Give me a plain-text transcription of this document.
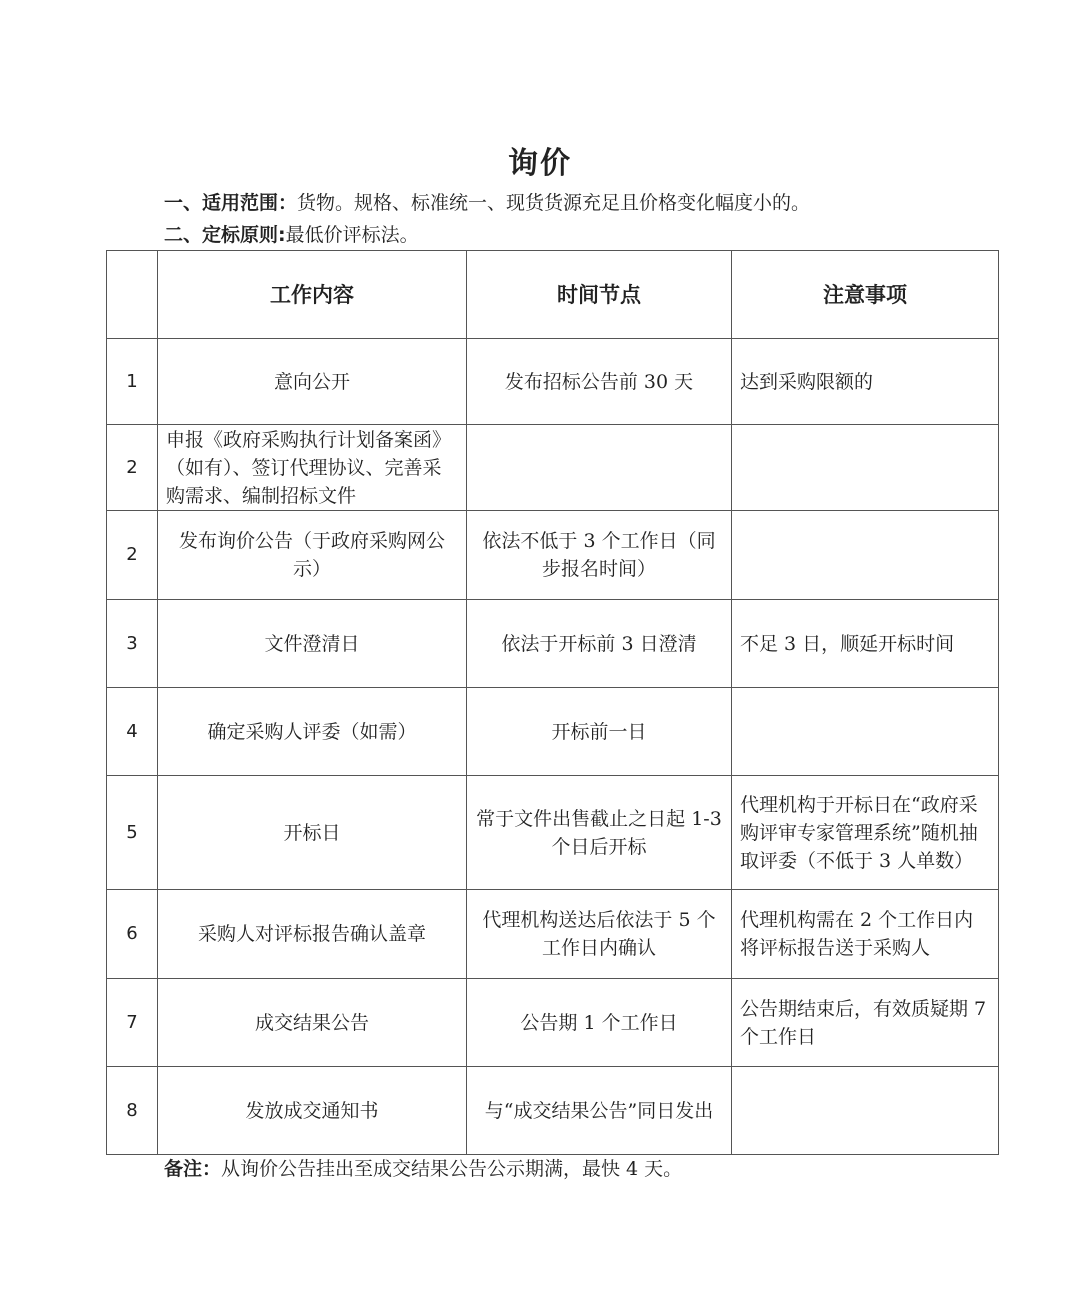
询价
一、适用范围：货物。规格、标准统一、现货货源充足且价格变化幅度小的。
二、定标原则:最低价评标法。
	工作内容	时间节点	注意事项
1	意向公开	发布招标公告前 30 天	达到采购限额的
2	申报《政府采购执行计划备案函》（如有）、签订代理协议、完善采购需求、编制招标文件		
2	发布询价公告（于政府采购网公示）	依法不低于 3 个工作日（同步报名时间）	
3	文件澄清日	依法于开标前 3 日澄清	不足 3 日，顺延开标时间
4	确定采购人评委（如需）	开标前一日	
5	开标日	常于文件出售截止之日起 1-3 个日后开标	代理机构于开标日在“政府采购评审专家管理系统”随机抽取评委（不低于 3 人单数）
6	采购人对评标报告确认盖章	代理机构送达后依法于 5 个工作日内确认	代理机构需在 2 个工作日内将评标报告送于采购人
7	成交结果公告	公告期 1 个工作日	公告期结束后，有效质疑期 7 个工作日
8	发放成交通知书	与“成交结果公告”同日发出	
备注：从询价公告挂出至成交结果公告公示期满，最快 4 天。
